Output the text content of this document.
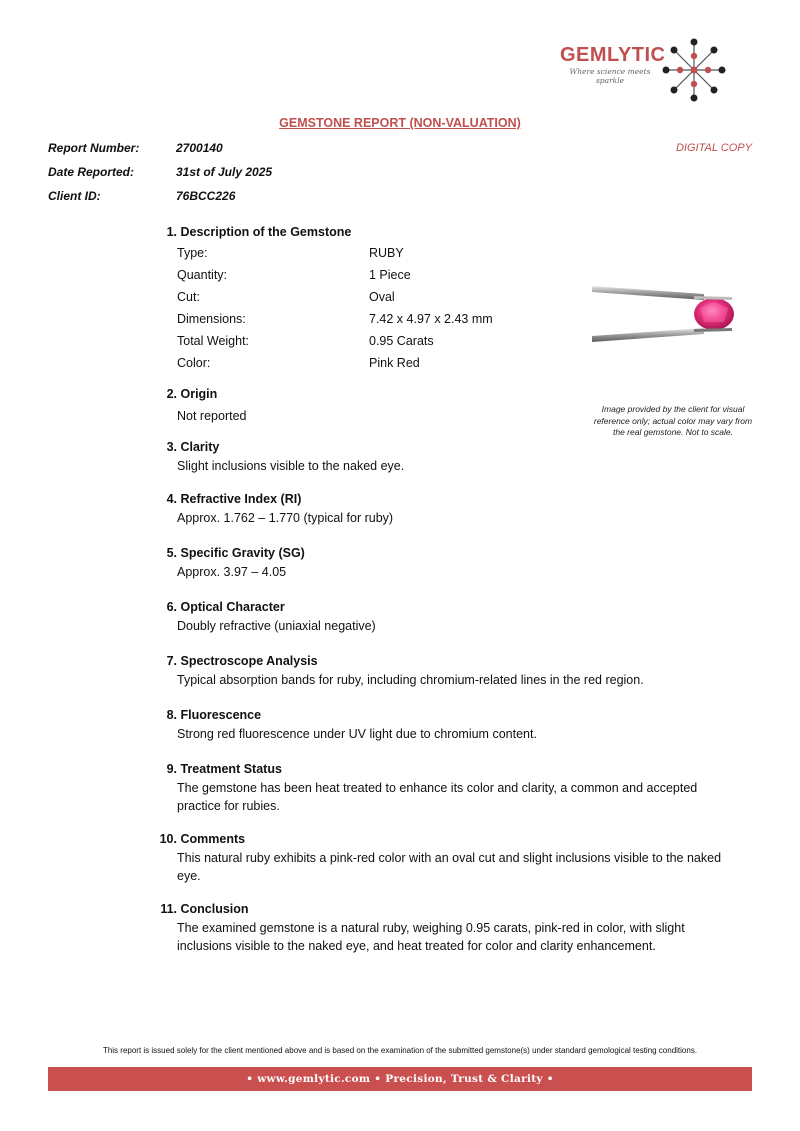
GEMLYTIC
Where science meets sparkle
GEMSTONE REPORT (NON-VALUATION)
Report Number:	2700140
Date Reported:	31st of July 2025
Client ID:	76BCC226
DIGITAL COPY
1. Description of the Gemstone
Type:	RUBY
Quantity:	1 Piece
Cut:	Oval
Dimensions:	7.42 x 4.97 x 2.43 mm
Total Weight:	0.95 Carats
Color:	Pink Red
2. Origin
Not reported
3. Clarity
Slight inclusions visible to the naked eye.
4. Refractive Index (RI)
Approx. 1.762 – 1.770 (typical for ruby)
5. Specific Gravity (SG)
Approx. 3.97 – 4.05
6. Optical Character
Doubly refractive (uniaxial negative)
7. Spectroscope Analysis
Typical absorption bands for ruby, including chromium-related lines in the red region.
8. Fluorescence
Strong red fluorescence under UV light due to chromium content.
9. Treatment Status
The gemstone has been heat treated to enhance its color and clarity, a common and accepted practice for rubies.
10. Comments
This natural ruby exhibits a pink-red color with an oval cut and slight inclusions visible to the naked eye.
11. Conclusion
The examined gemstone is a natural ruby, weighing 0.95 carats, pink-red in color, with slight inclusions visible to the naked eye, and heat treated for color and clarity enhancement.
Image provided by the client for visual reference only; actual color may vary from the real gemstone. Not to scale.
This report is issued solely for the client mentioned above and is based on the examination of the submitted gemstone(s) under standard gemological testing conditions.
• www.gemlytic.com • Precision, Trust & Clarity •
